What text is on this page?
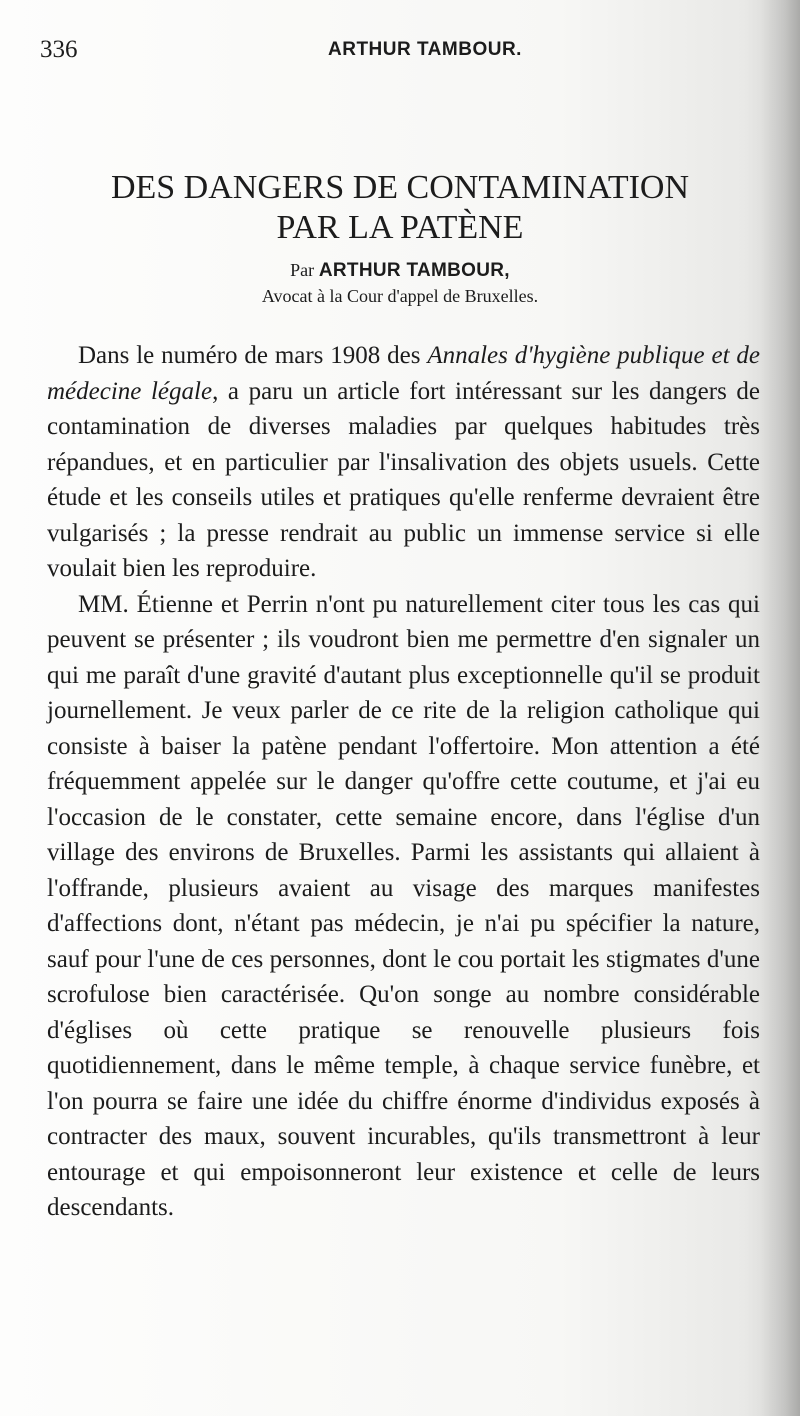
336	ARTHUR TAMBOUR.
DES DANGERS DE CONTAMINATION
PAR LA PATÈNE
Par ARTHUR TAMBOUR,
Avocat à la Cour d'appel de Bruxelles.

Dans le numéro de mars 1908 des Annales d'hygiène publique et de médecine légale, a paru un article fort intéressant sur les dangers de contamination de diverses maladies par quelques habitudes très répandues, et en particulier par l'insalivation des objets usuels. Cette étude et les conseils utiles et pratiques qu'elle renferme devraient être vulgarisés ; la presse rendrait au public un immense service si elle voulait bien les reproduire.

MM. Étienne et Perrin n'ont pu naturellement citer tous les cas qui peuvent se présenter ; ils voudront bien me permettre d'en signaler un qui me paraît d'une gravité d'autant plus exceptionnelle qu'il se produit journellement. Je veux parler de ce rite de la religion catholique qui consiste à baiser la patène pendant l'offertoire. Mon attention a été fréquemment appelée sur le danger qu'offre cette coutume, et j'ai eu l'occasion de le constater, cette semaine encore, dans l'église d'un village des environs de Bruxelles. Parmi les assistants qui allaient à l'offrande, plusieurs avaient au visage des marques manifestes d'affections dont, n'étant pas médecin, je n'ai pu spécifier la nature, sauf pour l'une de ces personnes, dont le cou portait les stigmates d'une scrofulose bien caractérisée. Qu'on songe au nombre considérable d'églises où cette pratique se renouvelle plusieurs fois quotidiennement, dans le même temple, à chaque service funèbre, et l'on pourra se faire une idée du chiffre énorme d'individus exposés à contracter des maux, souvent incurables, qu'ils transmettront à leur entourage et qui empoisonneront leur existence et celle de leurs descendants.
